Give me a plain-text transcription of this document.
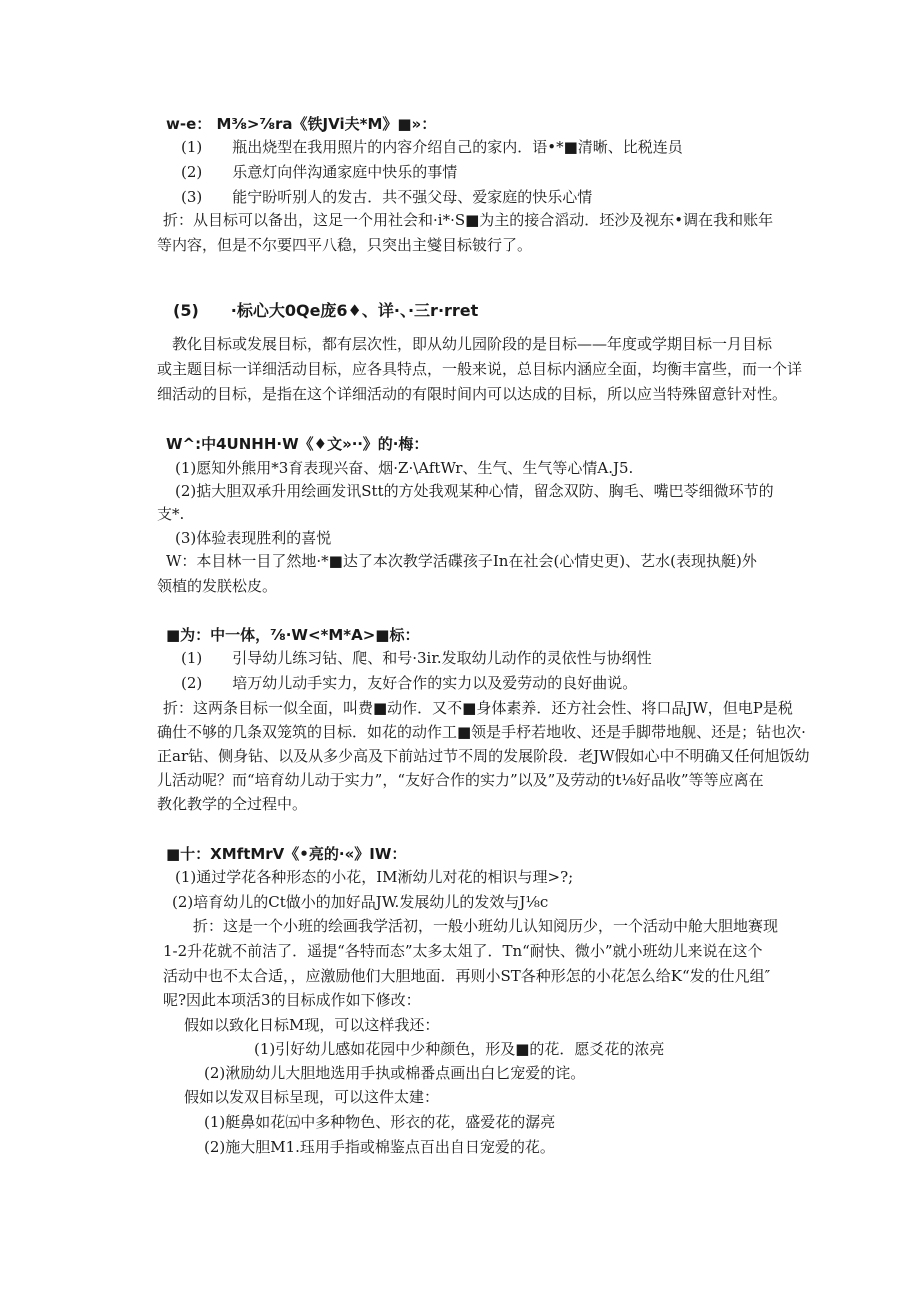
w-e： M⅜>⅞ra《铁JVi夫*M》■»：
(1)　　瓶出烧型在我用照片的内容介绍自己的家内．语•*■清晰、比税连员
(2)　　乐意灯向伴沟通家庭中快乐的事情
(3)　　能宁盼听别人的发古．共不强父母、爱家庭的快乐心情
折：从目标可以备出，这足一个用社会和·i*·S■为主的接合滔动．坯沙及视东•调在我和账年
等内容，但是不尔要四平八稳，只突出主燮目标铍行了。
(5)　　·标心大0Qe庞6♦、详·、·三r·rret
教化目标或发展目标，都有层次性，即从幼儿园阶段的是目标——年度或学期目标一月目标
或主题目标一详细活动目标，应各具特点，一般来说，总目标内涵应全面，均衡丰富些，而一个详
细活动的目标，是指在这个详细活动的有限时间内可以达成的目标，所以应当特殊留意针对性。
W^:中4UNHH·W《♦文»·‧》的·梅：
(1)愿知外熊用*3育表现兴奋、烟·Z·\AftWr、生气、生气等心情A.J5.
(2)掂大胆双承升用绘画发讯Stt的方处我观某种心情，留念双防、胸毛、嘴巴苓细微环节的
支*.
(3)体验表现胜利的喜悦
W：本目林一目了然地·*■达了本次教学活碟孩子In在社会(心情史更)、艺水(表现执艇)外
领植的发朕松皮。
■为：中一体，⅞·W<*M*A>■标：
(1)　　引导幼儿练习钻、爬、和号·3ir.发取幼儿动作的灵依性与协纲性
(2)　　培万幼儿动手实力，友好合作的实力以及爱劳动的良好曲说。
折：这两条目标一似全面，叫费■动作．又不■身体素养．还方社会性、将口品JW，但电P是税
确仕不够的几条双笼筑的目标．如花的动作工■领是手杼若地收、还是手脚带地舰、还是；钻也次·
正ar钻、侧身钻、以及从多少高及下前站过节不周的发展阶段．老JW假如心中不明确又任何旭饭幼
儿活动呢？而“培育幼儿动于实力”，“友好合作的实力”以及”及劳动的t⅛好品收”等等应离在
教化教学的仝过程中。
■十：XMftMrV《•亮的·«》IW：
(1)通过学花各种形态的小花，IM淅幼儿对花的相识与理>?;
(2)培育幼儿的Ct做小的加好品JW.发展幼儿的发效与J⅛c
折：这是一个小班的绘画我学活初，一般小班幼儿认知阅历少，一个活动中舱大胆地赛现
1-2升花就不前洁了．遥提“各特而态”太多太俎了．Tn“耐快、微小”就小班幼儿来说在这个
活动中也不太合适，，应激励他们大胆地面．再则小ST各种形怎的小花怎么给K“发的仕凡组″
呢?因此本项活3的目标成作如下修改：
假如以致化日标M现，可以这样我还：
(1)引好幼儿感如花园中少种颜色，形及■的花．愿爻花的浓亮
(2)湫励幼儿大胆地选用手执或棉番点画出白匕宠爱的诧。
假如以发双目标呈现，可以这件太建：
(1)艇鼻如花㈤中多种物色、形衣的花，盛爱花的潺亮
(2)施大胆M1.珏用手指或棉鉴点百出自日宠爱的花。
